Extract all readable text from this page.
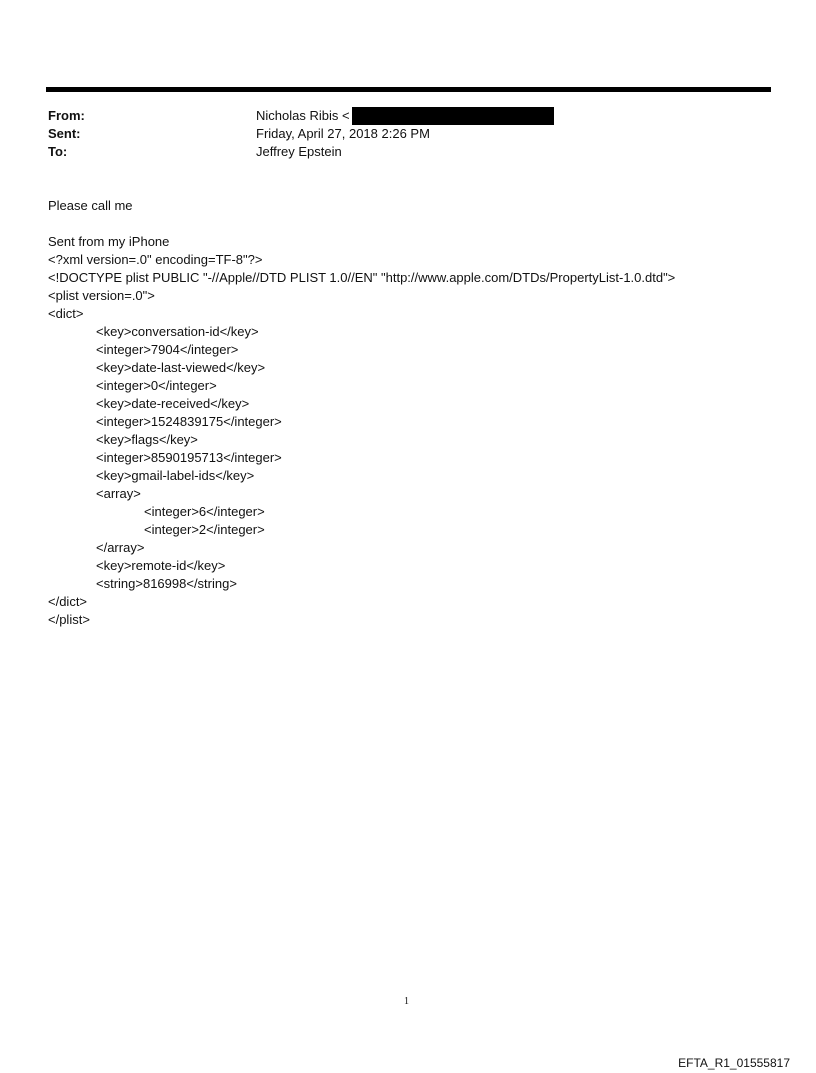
From:	Nicholas Ribis <
Sent:	Friday, April 27, 2018 2:26 PM
To:	Jeffrey Epstein
Please call me
Sent from my iPhone
<?xml version=.0" encoding=TF-8"?>
<!DOCTYPE plist PUBLIC "-//Apple//DTD PLIST 1.0//EN" "http://www.apple.com/DTDs/PropertyList-1.0.dtd">
<plist version=.0">
<dict>
<key>conversation-id</key>
<integer>7904</integer>
<key>date-last-viewed</key>
<integer>0</integer>
<key>date-received</key>
<integer>1524839175</integer>
<key>flags</key>
<integer>8590195713</integer>
<key>gmail-label-ids</key>
<array>
<integer>6</integer>
<integer>2</integer>
</array>
<key>remote-id</key>
<string>816998</string>
</dict>
</plist>
1
EFTA_R1_01555817
